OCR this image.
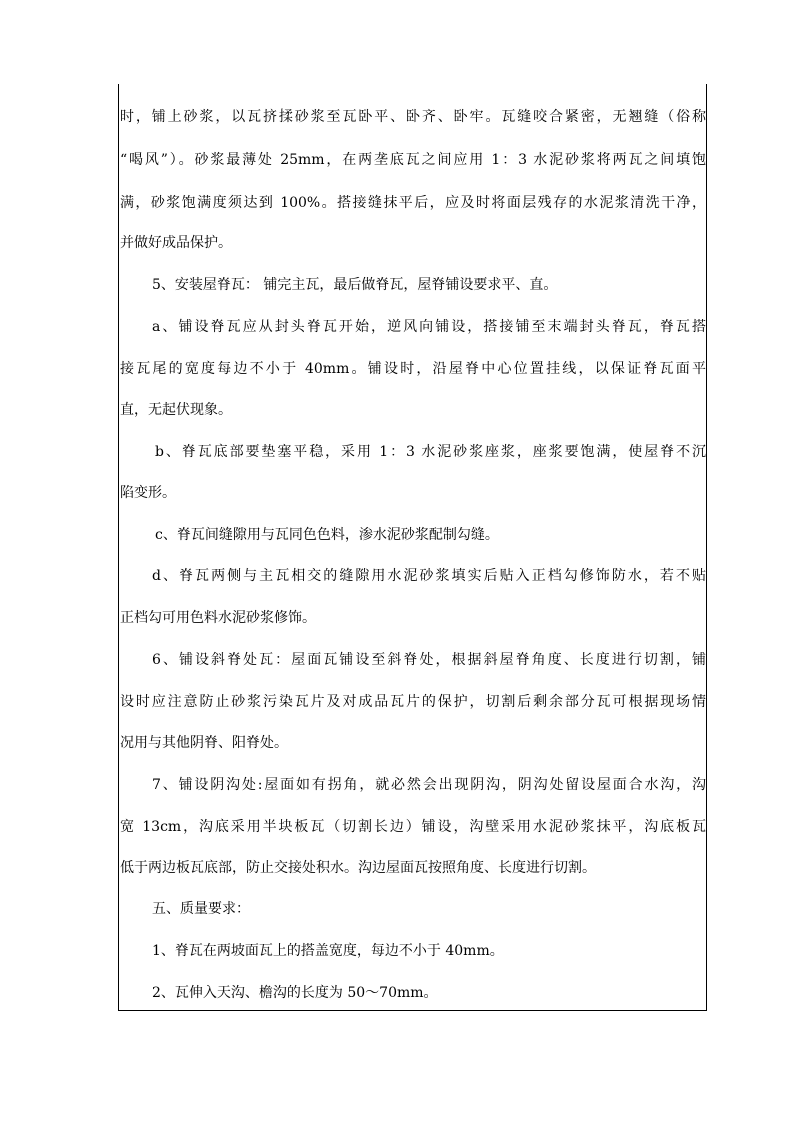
时，铺上砂浆，以瓦挤揉砂浆至瓦卧平、卧齐、卧牢。瓦缝咬合紧密，无翘缝（俗称
“喝风”）。砂浆最薄处 25mm，在两垄底瓦之间应用 1：3 水泥砂浆将两瓦之间填饱
满，砂浆饱满度须达到 100%。搭接缝抹平后，应及时将面层残存的水泥浆清洗干净，
并做好成品保护。
5、安装屋脊瓦： 铺完主瓦，最后做脊瓦，屋脊铺设要求平、直。
a、铺设脊瓦应从封头脊瓦开始，逆风向铺设，搭接铺至末端封头脊瓦，脊瓦搭
接瓦尾的宽度每边不小于 40mm。铺设时，沿屋脊中心位置挂线，以保证脊瓦面平
直，无起伏现象。
b、脊瓦底部要垫塞平稳，采用 1：3 水泥砂浆座浆，座浆要饱满，使屋脊不沉
陷变形。
c、脊瓦间缝隙用与瓦同色色料，渗水泥砂浆配制勾缝。
d、脊瓦两侧与主瓦相交的缝隙用水泥砂浆填实后贴入正档勾修饰防水，若不贴
正档勾可用色料水泥砂浆修饰。
6、铺设斜脊处瓦：屋面瓦铺设至斜脊处，根据斜屋脊角度、长度进行切割，铺
设时应注意防止砂浆污染瓦片及对成品瓦片的保护，切割后剩余部分瓦可根据现场情
况用与其他阴脊、阳脊处。
7、铺设阴沟处:屋面如有拐角，就必然会出现阴沟，阴沟处留设屋面合水沟，沟
宽 13cm，沟底采用半块板瓦（切割长边）铺设，沟壁采用水泥砂浆抹平，沟底板瓦
低于两边板瓦底部，防止交接处积水。沟边屋面瓦按照角度、长度进行切割。
五、质量要求：
1、脊瓦在两坡面瓦上的搭盖宽度，每边不小于 40mm。
2、瓦伸入天沟、檐沟的长度为 50～70mm。
